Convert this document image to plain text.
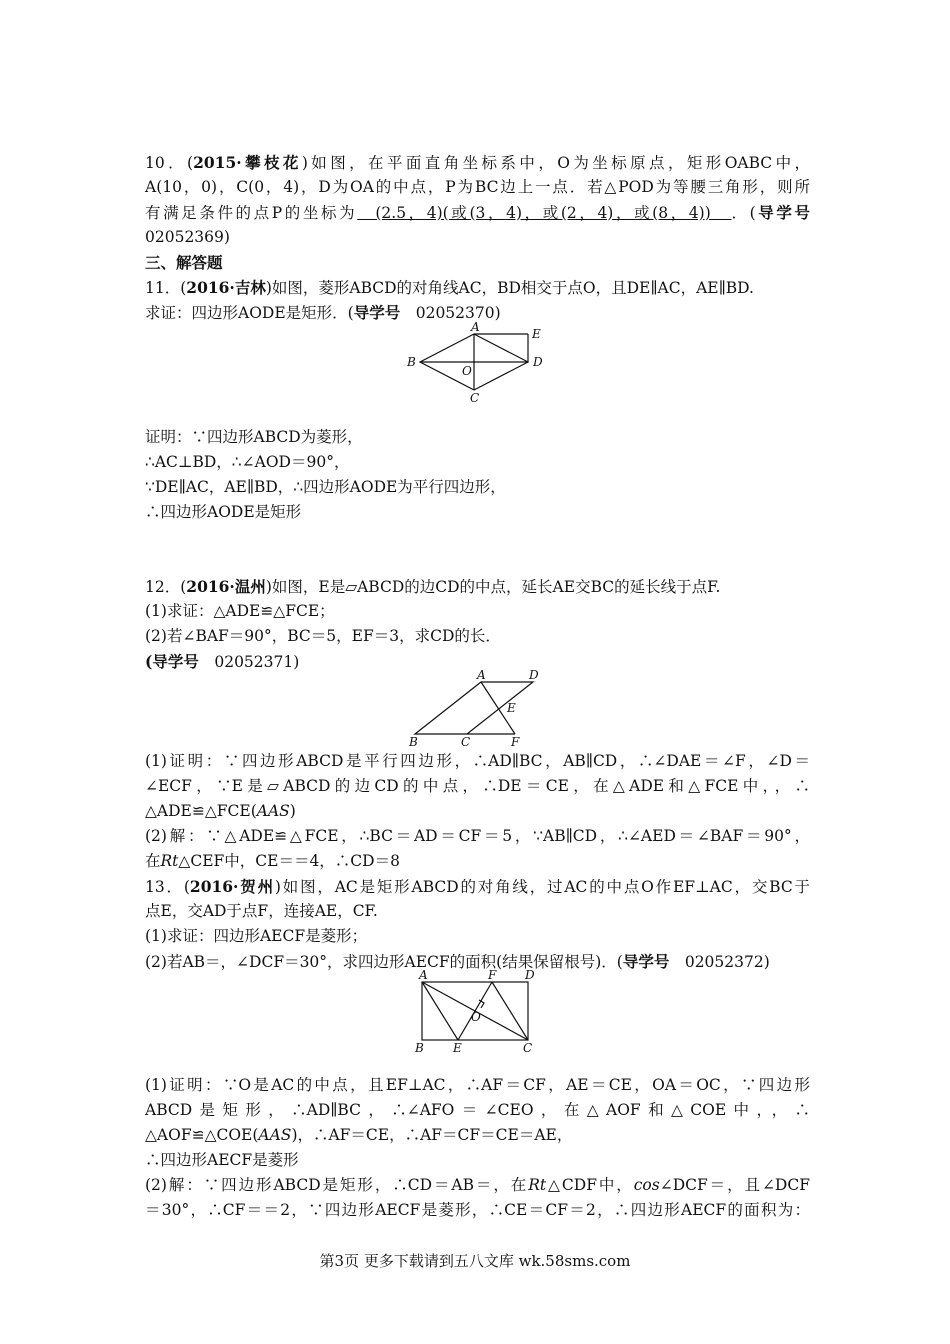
10．(2015·攀枝花)如图，在平面直角坐标系中，O为坐标原点，矩形OABC中，
A(10，0)，C(0，4)，D为OA的中点，P为BC边上一点．若△POD为等腰三角形，则所
有满足条件的点P的坐标为　(2.5，4)(或(3，4)，或(2，4)，或(8，4))　．(导学号
02052369)
三、解答题
11．(2016·吉林)如图，菱形ABCD的对角线AC，BD相交于点O，且DE∥AC，AE∥BD.
求证：四边形AODE是矩形．(导学号　02052370)
A
B
C
D
E
O
证明：∵四边形ABCD为菱形，
∴AC⊥BD，∴∠AOD＝90°，
∵DE∥AC，AE∥BD，∴四边形AODE为平行四边形，
∴四边形AODE是矩形
12．(2016·温州)如图，E是▱ABCD的边CD的中点，延长AE交BC的延长线于点F.
(1)求证：△ADE≌△FCE；
(2)若∠BAF＝90°，BC＝5，EF＝3，求CD的长．
(导学号　02052371)
A
B	C
D
E
F
(1)证明：∵四边形ABCD是平行四边形，∴AD∥BC，AB∥CD，∴∠DAE＝∠F，∠D＝
∠ECF，∵E是▱ABCD的边CD的中点，∴DE＝CE，在△ADE和△FCE中，，∴
△ADE≌△FCE(AAS)
(2)解：∵△ADE≌△FCE，∴BC＝AD＝CF＝5，∵AB∥CD，∴∠AED＝∠BAF＝90°，
在Rt△CEF中，CE＝＝4，∴CD＝8
13．(2016·贺州)如图，AC是矩形ABCD的对角线，过AC的中点O作EF⊥AC，交BC于
点E，交AD于点F，连接AE，CF.
(1)求证：四边形AECF是菱形；
(2)若AB＝，∠DCF＝30°，求四边形AECF的面积(结果保留根号)．(导学号　02052372)
A
B	C
D
E
F
O
(1)证明：∵O是AC的中点，且EF⊥AC，∴AF＝CF，AE＝CE，OA＝OC，∵四边形
ABCD是矩形，∴AD∥BC，∴∠AFO＝∠CEO，在△AOF和△COE中，，∴
△AOF≌△COE(AAS)，∴AF＝CE，∴AF＝CF＝CE＝AE，
∴四边形AECF是菱形
(2)解：∵四边形ABCD是矩形，∴CD＝AB＝，在Rt△CDF中，cos∠DCF＝，且∠DCF
＝30°，∴CF＝＝2，∵四边形AECF是菱形，∴CE＝CF＝2，∴四边形AECF的面积为：
第3页 更多下载请到五八文库 wk.58sms.com
